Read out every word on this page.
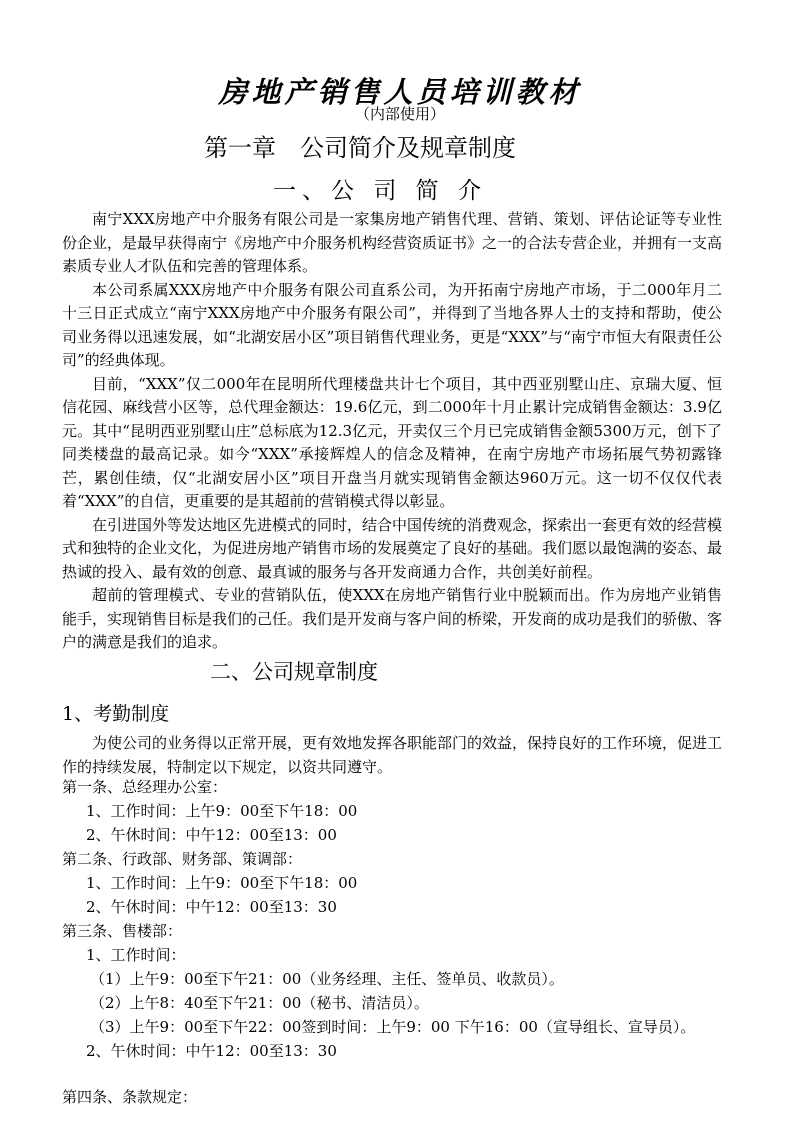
房地产销售人员培训教材
（内部使用）
第一章　公司简介及规章制度
一、公 司 简 介

南宁XXX房地产中介服务有限公司是一家集房地产销售代理、营销、策划、评估论证等专业性份企业，是最早获得南宁《房地产中介服务机构经营资质证书》之一的合法专营企业，并拥有一支高素质专业人才队伍和完善的管理体系。

本公司系属XXX房地产中介服务有限公司直系公司，为开拓南宁房地产市场，于二000年月二十三日正式成立“南宁XXX房地产中介服务有限公司”，并得到了当地各界人士的支持和帮助，使公司业务得以迅速发展，如“北湖安居小区”项目销售代理业务，更是“XXX”与“南宁市恒大有限责任公司”的经典体现。

目前，“XXX”仅二000年在昆明所代理楼盘共计七个项目，其中西亚别墅山庄、京瑞大厦、恒信花园、麻线营小区等，总代理金额达：19.6亿元，到二000年十月止累计完成销售金额达：3.9亿元。其中“昆明西亚别墅山庄”总标底为12.3亿元，开卖仅三个月已完成销售金额5300万元，创下了同类楼盘的最高记录。如今“XXX”承接辉煌人的信念及精神，在南宁房地产市场拓展气势初露锋芒，累创佳绩，仅“北湖安居小区”项目开盘当月就实现销售金额达960万元。这一切不仅仅代表着“XXX”的自信，更重要的是其超前的营销模式得以彰显。

在引进国外等发达地区先进模式的同时，结合中国传统的消费观念，探索出一套更有效的经营模式和独特的企业文化，为促进房地产销售市场的发展奠定了良好的基础。我们愿以最饱满的姿态、最热诚的投入、最有效的创意、最真诚的服务与各开发商通力合作，共创美好前程。

超前的管理模式、专业的营销队伍，使XXX在房地产销售行业中脱颖而出。作为房地产业销售能手，实现销售目标是我们的己任。我们是开发商与客户间的桥梁，开发商的成功是我们的骄傲、客户的满意是我们的追求。

二、公司规章制度
1、考勤制度

为使公司的业务得以正常开展，更有效地发挥各职能部门的效益，保持良好的工作环境，促进工作的持续发展，特制定以下规定，以资共同遵守。

第一条、总经理办公室：
1、工作时间：上午9：00至下午18：00
2、午休时间：中午12：00至13：00
第二条、行政部、财务部、策调部：
1、工作时间：上午9：00至下午18：00
2、午休时间：中午12：00至13：30
第三条、售楼部：
1、工作时间：
（1）上午9：00至下午21：00（业务经理、主任、签单员、收款员）。
（2）上午8：40至下午21：00（秘书、清洁员）。
（3）上午9：00至下午22：00签到时间：上午9：00 下午16：00（宣导组长、宣导员）。
2、午休时间：中午12：00至13：30
第四条、条款规定：
